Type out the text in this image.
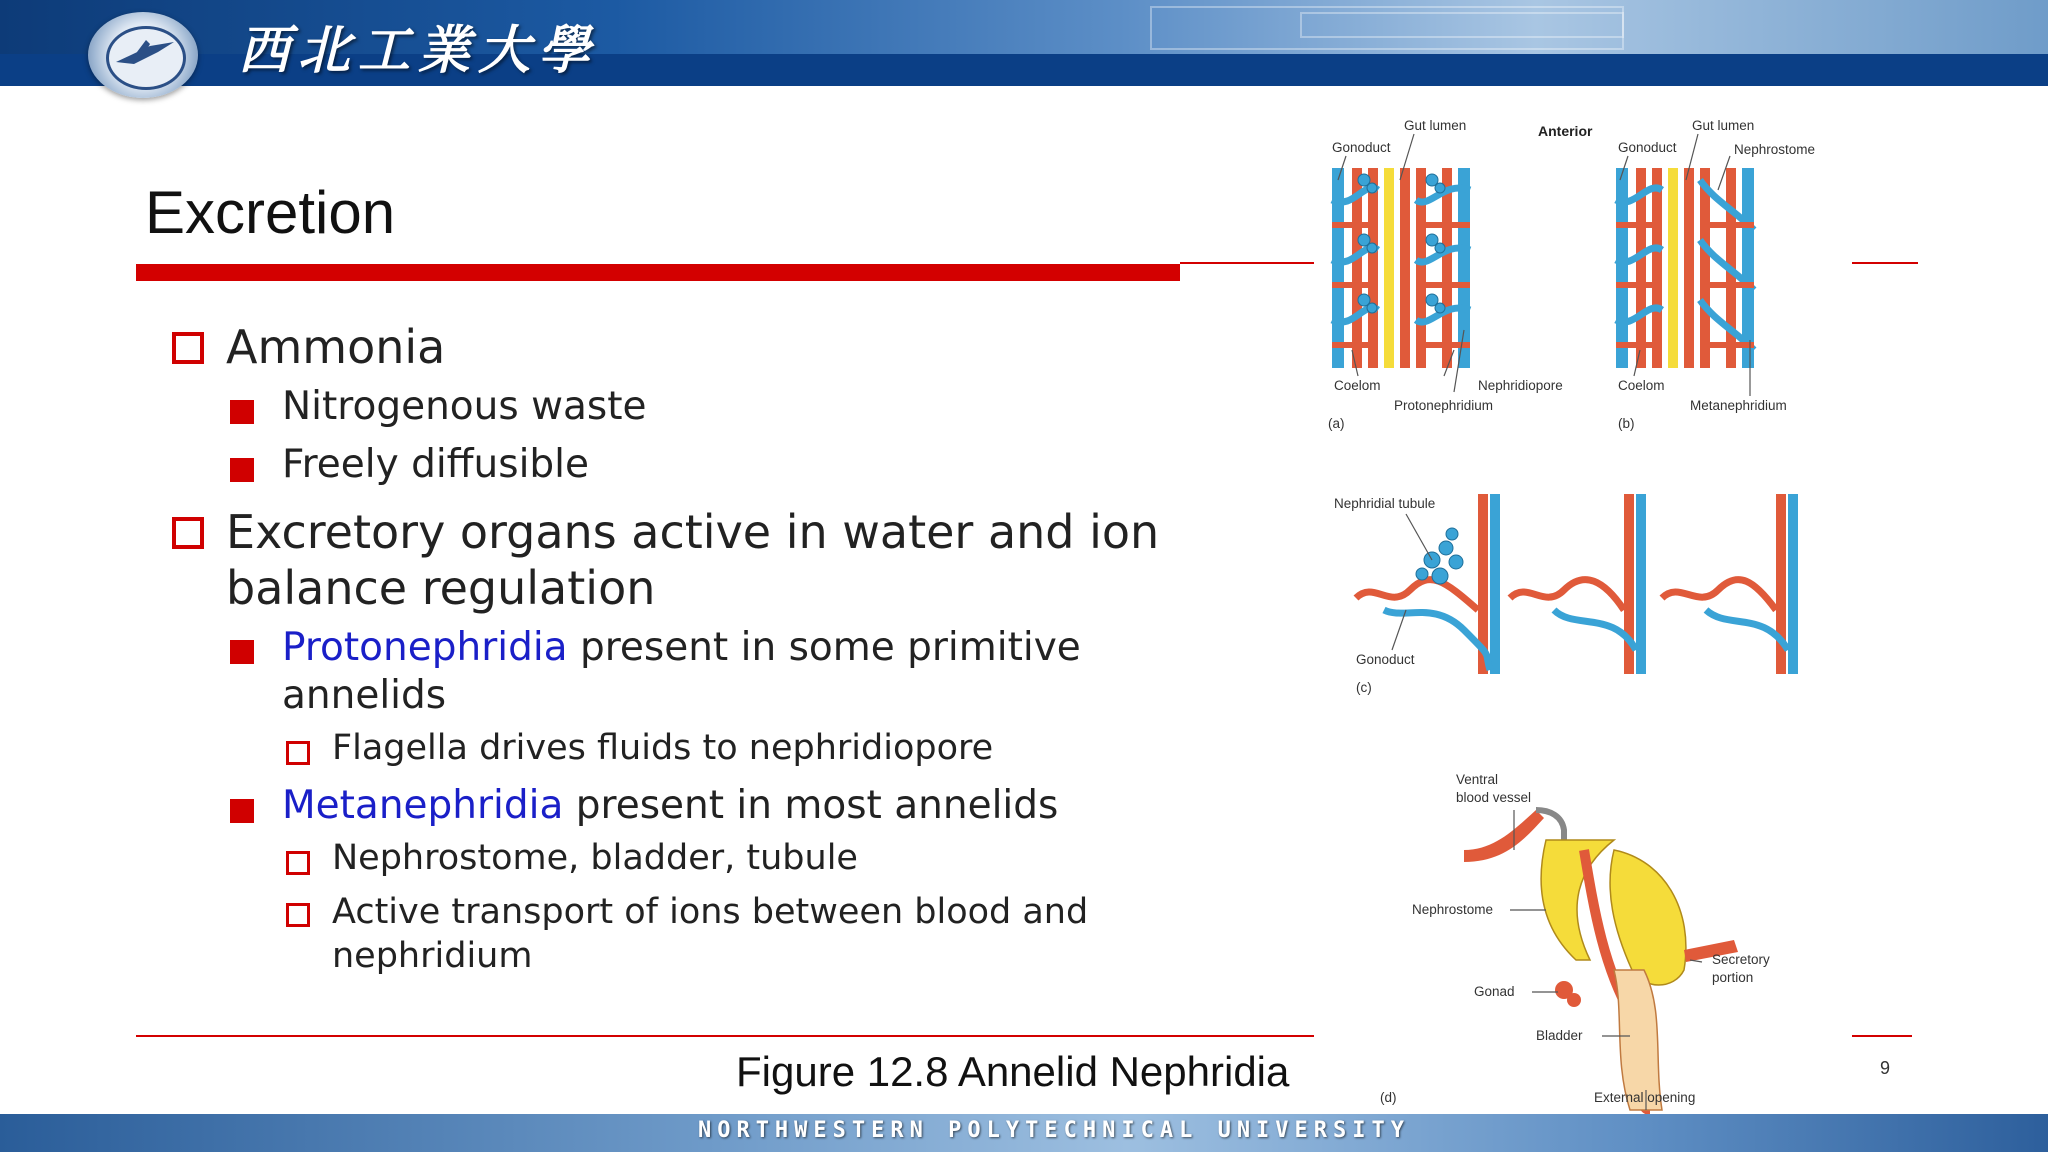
西北工業大學
Excretion
Ammonia
Nitrogenous waste
Freely diffusible
Excretory organs active in water and ion
balance regulation
Protonephridia present in some primitive
annelids
Flagella drives fluids to nephridiopore
Metanephridia present in most annelids
Nephrostome, bladder, tubule
Active transport of ions between blood and
nephridium
Figure 12.8 Annelid Nephridia	9
Gonoduct
Gut lumen	Anterior
Coelom	Nephridiopore
Protonephridium
(a)
Gonoduct
Gut lumen
Nephrostome
Coelom
Metanephridium
(b)
Nephridial tubule
Gonoduct
(c)
Ventral
blood vessel
Nephrostome
Gonad
Bladder
Secretory
portion
External opening
(d)
NORTHWESTERN POLYTECHNICAL UNIVERSITY
